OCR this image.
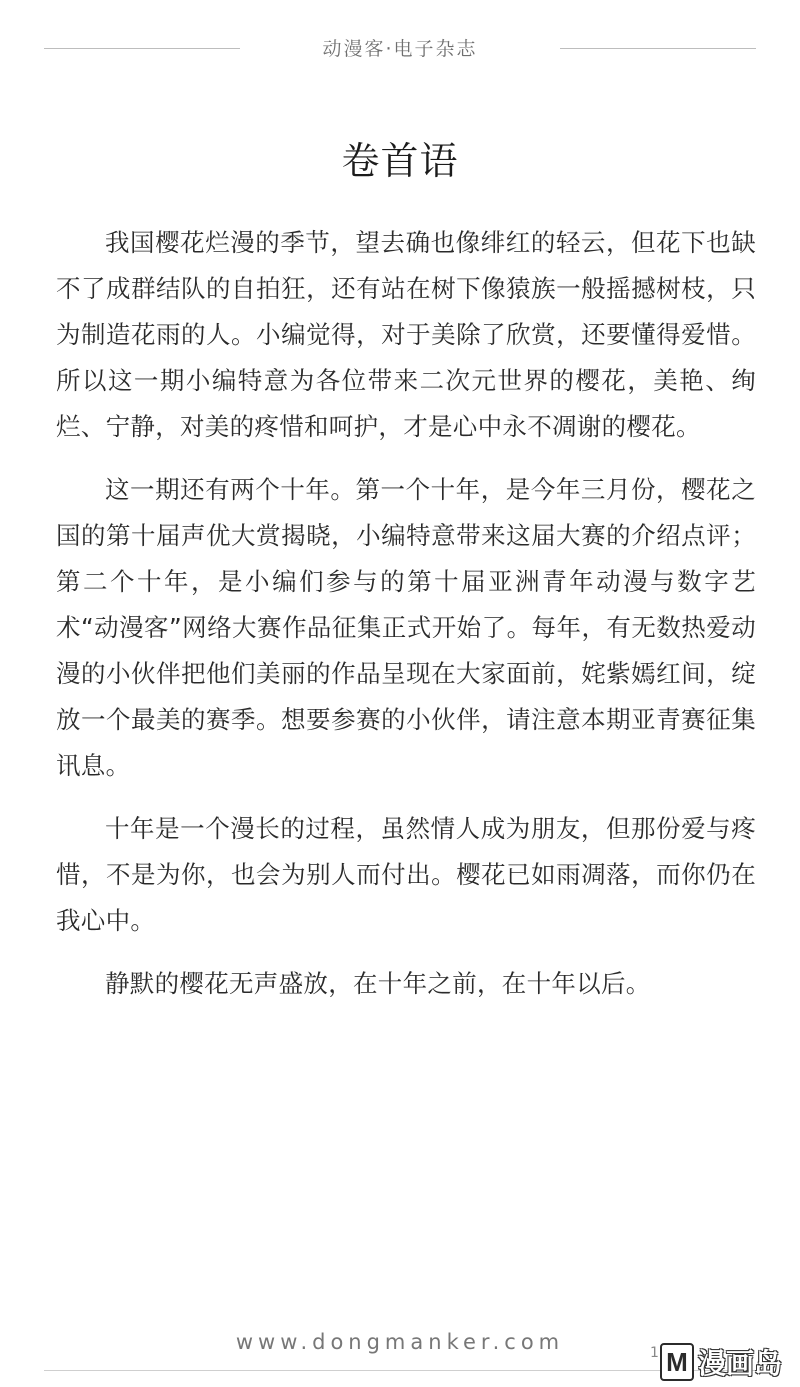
动漫客·电子杂志
卷首语

我国樱花烂漫的季节，望去确也像绯红的轻云，但花下也缺不了成群结队的自拍狂，还有站在树下像猿族一般摇撼树枝，只为制造花雨的人。小编觉得，对于美除了欣赏，还要懂得爱惜。所以这一期小编特意为各位带来二次元世界的樱花，美艳、绚烂、宁静，对美的疼惜和呵护，才是心中永不凋谢的樱花。

这一期还有两个十年。第一个十年，是今年三月份，樱花之国的第十届声优大赏揭晓，小编特意带来这届大赛的介绍点评；第二个十年，是小编们参与的第十届亚洲青年动漫与数字艺术“动漫客”网络大赛作品征集正式开始了。每年，有无数热爱动漫的小伙伴把他们美丽的作品呈现在大家面前，姹紫嫣红间，绽放一个最美的赛季。想要参赛的小伙伴，请注意本期亚青赛征集讯息。

十年是一个漫长的过程，虽然情人成为朋友，但那份爱与疼惜，不是为你，也会为别人而付出。樱花已如雨凋落，而你仍在我心中。

静默的樱花无声盛放，在十年之前，在十年以后。

www.dongmanker.com	1 M 漫画岛
